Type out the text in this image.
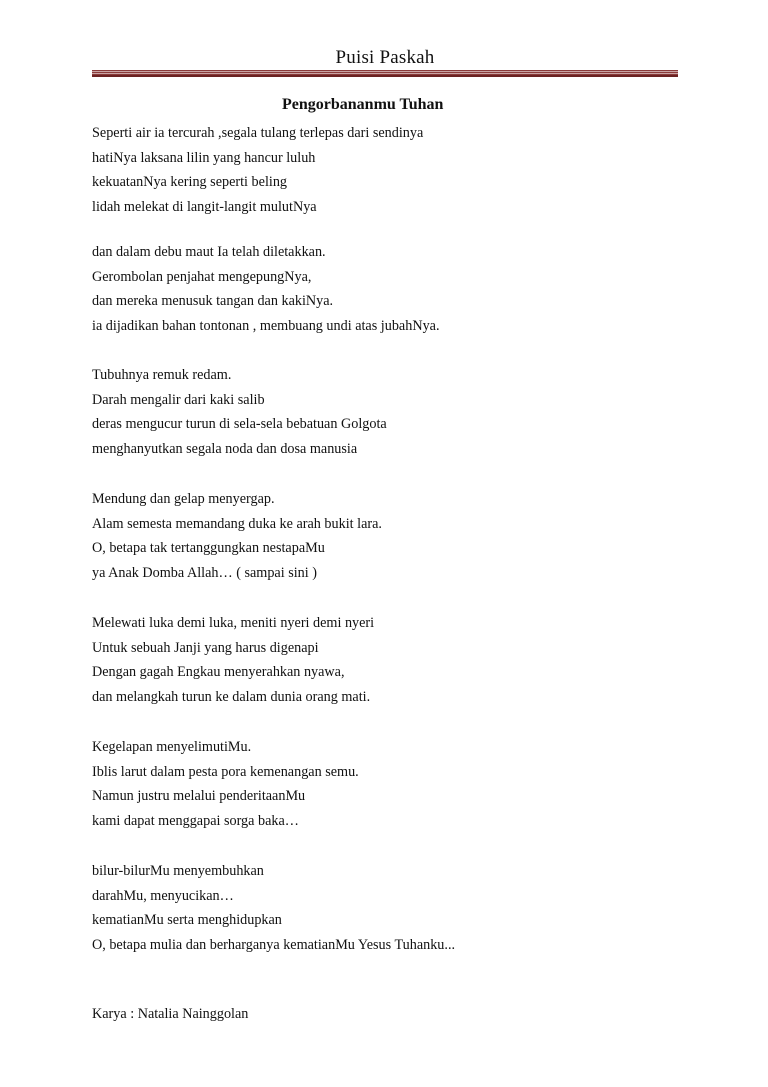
Puisi Paskah
Pengorbananmu Tuhan
Seperti air ia tercurah ,segala tulang terlepas dari sendinya
hatiNya laksana lilin yang hancur luluh
kekuatanNya kering seperti beling
lidah melekat di langit-langit mulutNya
dan dalam debu maut Ia telah diletakkan.
Gerombolan penjahat mengepungNya,
dan mereka menusuk tangan dan kakiNya.
ia dijadikan bahan tontonan , membuang undi atas jubahNya.
Tubuhnya remuk redam.
Darah mengalir dari kaki salib
deras mengucur turun di sela-sela bebatuan Golgota
menghanyutkan segala noda dan dosa manusia
Mendung dan gelap menyergap.
Alam semesta memandang duka ke arah bukit lara.
O, betapa tak tertanggungkan nestapaMu
ya Anak Domba Allah… ( sampai sini )
Melewati luka demi luka, meniti nyeri demi nyeri
Untuk sebuah Janji yang harus digenapi
Dengan gagah Engkau menyerahkan nyawa,
dan melangkah turun ke dalam dunia orang mati.
Kegelapan menyelimutiMu.
Iblis larut dalam pesta pora kemenangan semu.
Namun justru melalui penderitaanMu
kami dapat menggapai sorga baka…
bilur-bilurMu menyembuhkan
darahMu, menyucikan…
kematianMu serta menghidupkan
O, betapa mulia dan berharganya kematianMu Yesus Tuhanku...
Karya : Natalia Nainggolan
